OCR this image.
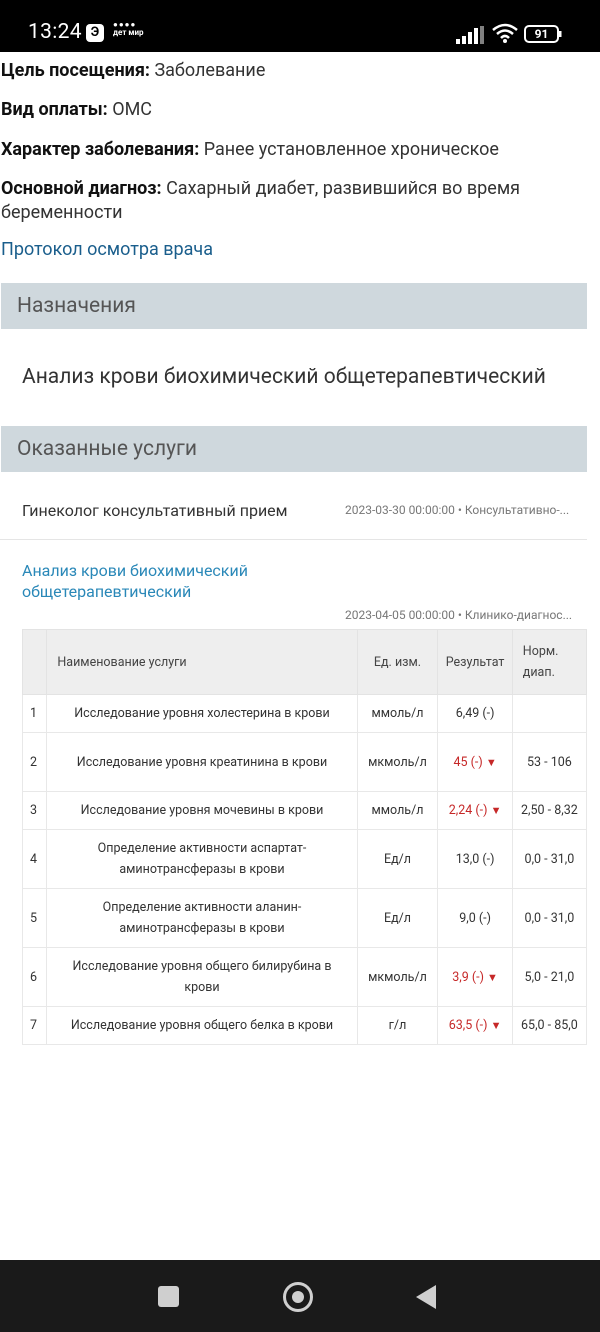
13:24 Э
●●●●
дет мир	91
Цель посещения: Заболевание
Вид оплаты: ОМС
Характер заболевания: Ранее установленное хроническое
Основной диагноз: Сахарный диабет, развившийся во время беременности
Протокол осмотра врача
Назначения
Анализ крови биохимический общетерапевтический
Оказанные услуги
Гинеколог консультативный прием	2023-03-30 00:00:00 • Консультативно-...
Анализ крови биохимический общетерапевтический
2023-04-05 00:00:00 • Клинико-диагнос...
	Наименование услуги	Ед. изм.	Результат	Норм. диап.
1	Исследование уровня холестерина в крови	ммоль/л	6,49 (-)	
2	Исследование уровня креатинина в крови	мкмоль/л	45 (-) ▼	53 - 106
3	Исследование уровня мочевины в крови	ммоль/л	2,24 (-) ▼	2,50 - 8,32
4	Определение активности аспартат-аминотрансферазы в крови	Ед/л	13,0 (-)	0,0 - 31,0
5	Определение активности аланин-аминотрансферазы в крови	Ед/л	9,0 (-)	0,0 - 31,0
6	Исследование уровня общего билирубина в крови	мкмоль/л	3,9 (-) ▼	5,0 - 21,0
7	Исследование уровня общего белка в крови	г/л	63,5 (-) ▼	65,0 - 85,0
